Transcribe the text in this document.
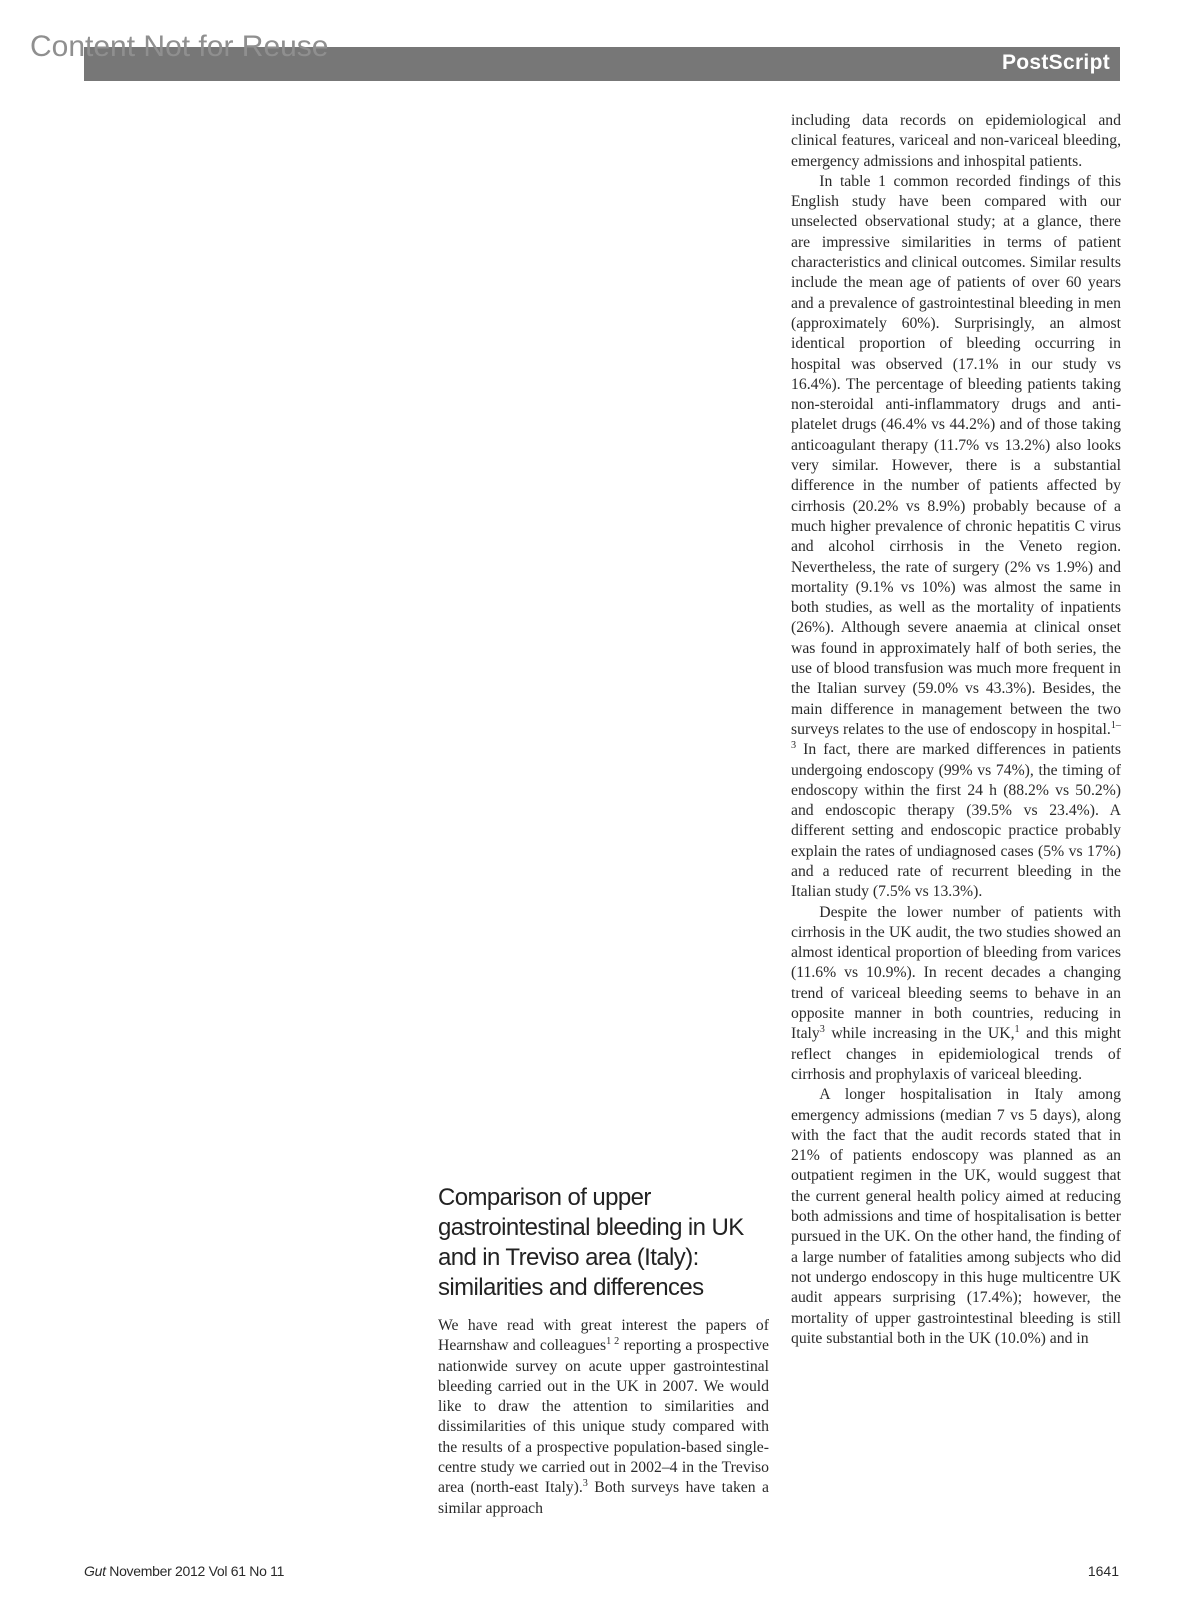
Content Not for Reuse	PostScript

including data records on epidemiological and clinical features, variceal and non-variceal bleeding, emergency admissions and inhospital patients.

In table 1 common recorded findings of this English study have been compared with our unselected observational study; at a glance, there are impressive similarities in terms of patient characteristics and clinical outcomes. Similar results include the mean age of patients of over 60 years and a prevalence of gastrointestinal bleeding in men (approximately 60%). Surprisingly, an almost identical proportion of bleeding occurring in hospital was observed (17.1% in our study vs 16.4%). The percentage of bleeding patients taking non-steroidal anti-inflammatory drugs and anti-platelet drugs (46.4% vs 44.2%) and of those taking anticoagulant therapy (11.7% vs 13.2%) also looks very similar. However, there is a substantial difference in the number of patients affected by cirrhosis (20.2% vs 8.9%) probably because of a much higher prevalence of chronic hepatitis C virus and alcohol cirrhosis in the Veneto region. Nevertheless, the rate of surgery (2% vs 1.9%) and mortality (9.1% vs 10%) was almost the same in both studies, as well as the mortality of inpatients (26%). Although severe anaemia at clinical onset was found in approximately half of both series, the use of blood transfusion was much more frequent in the Italian survey (59.0% vs 43.3%). Besides, the main difference in management between the two surveys relates to the use of endoscopy in hospital.$^{1-3}$ In fact, there are marked differences in patients undergoing endoscopy (99% vs 74%), the timing of endoscopy within the first 24 h (88.2% vs 50.2%) and endoscopic therapy (39.5% vs 23.4%). A different setting and endoscopic practice probably explain the rates of undiagnosed cases (5% vs 17%) and a reduced rate of recurrent bleeding in the Italian study (7.5% vs 13.3%).

Despite the lower number of patients with cirrhosis in the UK audit, the two studies showed an almost identical proportion of bleeding from varices (11.6% vs 10.9%). In recent decades a changing trend of variceal bleeding seems to behave in an opposite manner in both countries, reducing in Italy$^3$ while increasing in the UK,$^1$ and this might reflect changes in epidemiological trends of cirrhosis and prophylaxis of variceal bleeding.

A longer hospitalisation in Italy among emergency admissions (median 7 vs 5 days), along with the fact that the audit records stated that in 21% of patients endoscopy was planned as an outpatient regimen in the UK, would suggest that the current general health policy aimed at reducing both admissions and time of hospitalisation is better pursued in the UK. On the other hand, the finding of a large number of fatalities among subjects who did not undergo endoscopy in this huge multicentre UK audit appears surprising (17.4%); however, the mortality of upper gastrointestinal bleeding is still quite substantial both in the UK (10.0%) and in

Comparison of upper gastrointestinal bleeding in UK and in Treviso area (Italy): similarities and differences

We have read with great interest the papers of Hearnshaw and colleagues$^{1 2}$ reporting a prospective nationwide survey on acute upper gastrointestinal bleeding carried out in the UK in 2007. We would like to draw the attention to similarities and dissimilarities of this unique study compared with the results of a prospective population-based single-centre study we carried out in 2002–4 in the Treviso area (north-east Italy).$^3$ Both surveys have taken a similar approach

Gut November 2012 Vol 61 No 11	1641
